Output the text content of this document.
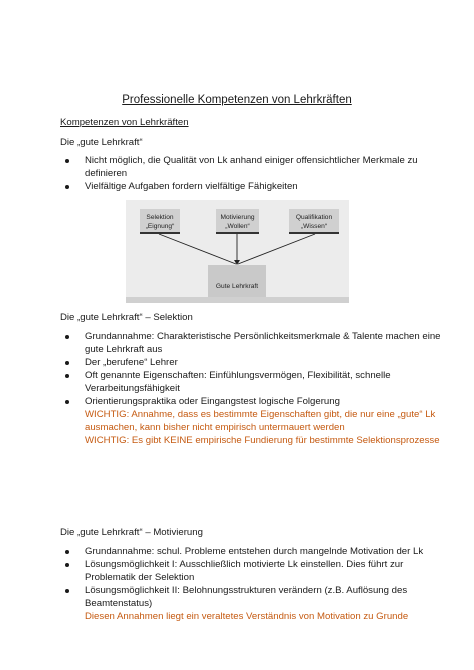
Professionelle Kompetenzen von Lehrkräften
Kompetenzen von Lehrkräften
Die „gute Lehrkraft“
Nicht möglich, die Qualität von Lk anhand einiger offensichtlicher Merkmale zu
definieren
Vielfältige Aufgaben fordern vielfältige Fähigkeiten
Selektion
„Eignung“
Motivierung
„Wollen“
Qualifikation
„Wissen“
Gute Lehrkraft
Die „gute Lehrkraft“ – Selektion
Grundannahme: Charakteristische Persönlichkeitsmerkmale & Talente machen eine
gute Lehrkraft aus
Der „berufene“ Lehrer
Oft genannte Eigenschaften: Einfühlungsvermögen, Flexibilität, schnelle
Verarbeitungsfähigkeit
Orientierungspraktika oder Eingangstest logische Folgerung
WICHTIG: Annahme, dass es bestimmte Eigenschaften gibt, die nur eine „gute“ Lk
ausmachen, kann bisher nicht empirisch untermauert werden
WICHTIG: Es gibt KEINE empirische Fundierung für bestimmte Selektionsprozesse
Die „gute Lehrkraft“ – Motivierung
Grundannahme: schul. Probleme entstehen durch mangelnde Motivation der Lk
Lösungsmöglichkeit I: Ausschließlich motivierte Lk einstellen. Dies führt zur
Problematik der Selektion
Lösungsmöglichkeit II: Belohnungsstrukturen verändern (z.B. Auflösung des
Beamtenstatus)
Diesen Annahmen liegt ein veraltetes Verständnis von Motivation zu Grunde
